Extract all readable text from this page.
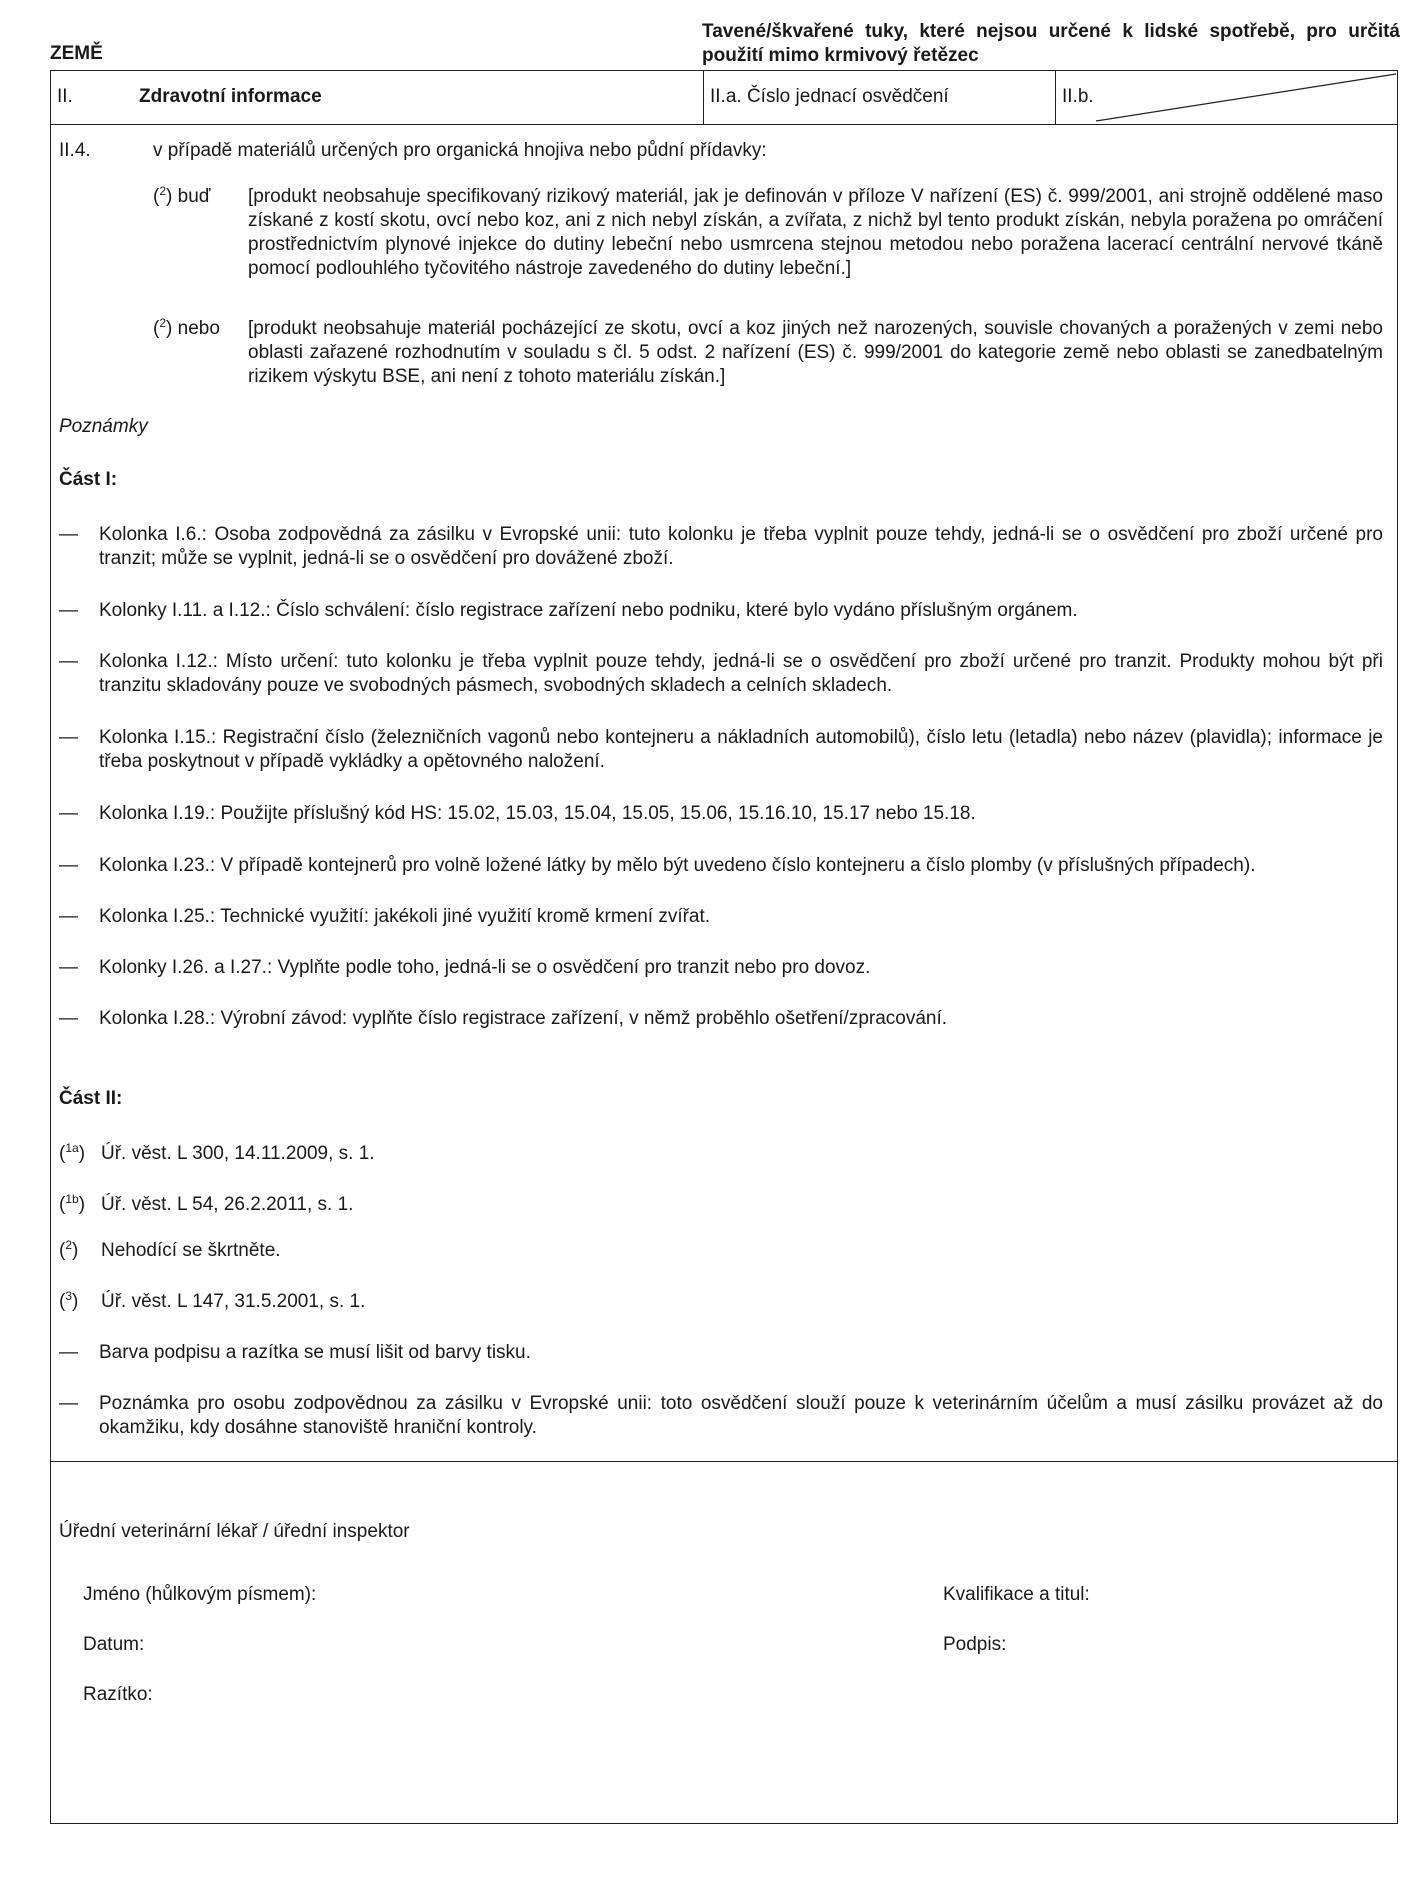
ZEMĚ
Tavené/škvařené tuky, které nejsou určené k lidské spotřebě, pro určitá použití mimo krmivový řetězec
II.	Zdravotní informace	II.a. Číslo jednací osvědčení	II.b.
II.4.	v případě materiálů určených pro organická hnojiva nebo půdní přídavky:
($^2$) buď [produkt neobsahuje specifikovaný rizikový materiál, jak je definován v příloze V nařízení (ES) č. 999/2001, ani strojně oddělené maso získané z kostí skotu, ovcí nebo koz, ani z nich nebyl získán, a zvířata, z nichž byl tento produkt získán, nebyla poražena po omráčení prostřednictvím plynové injekce do dutiny lebeční nebo usmrcena stejnou metodou nebo poražena lacerací centrální nervové tkáně pomocí podlouhlého tyčovitého nástroje zavedeného do dutiny lebeční.]
($^2$) nebo [produkt neobsahuje materiál pocházející ze skotu, ovcí a koz jiných než narozených, souvisle chovaných a poražených v zemi nebo oblasti zařazené rozhodnutím v souladu s čl. 5 odst. 2 nařízení (ES) č. 999/2001 do kategorie země nebo oblasti se zanedbatelným rizikem výskytu BSE, ani není z tohoto materiálu získán.]
Poznámky
Část I:
— Kolonka I.6.: Osoba zodpovědná za zásilku v Evropské unii: tuto kolonku je třeba vyplnit pouze tehdy, jedná-li se o osvědčení pro zboží určené pro tranzit; může se vyplnit, jedná-li se o osvědčení pro dovážené zboží.
— Kolonky I.11. a I.12.: Číslo schválení: číslo registrace zařízení nebo podniku, které bylo vydáno příslušným orgánem.
— Kolonka I.12.: Místo určení: tuto kolonku je třeba vyplnit pouze tehdy, jedná-li se o osvědčení pro zboží určené pro tranzit. Produkty mohou být při tranzitu skladovány pouze ve svobodných pásmech, svobodných skladech a celních skladech.
— Kolonka I.15.: Registrační číslo (železničních vagonů nebo kontejneru a nákladních automobilů), číslo letu (letadla) nebo název (plavidla); informace je třeba poskytnout v případě vykládky a opětovného naložení.
— Kolonka I.19.: Použijte příslušný kód HS: 15.02, 15.03, 15.04, 15.05, 15.06, 15.16.10, 15.17 nebo 15.18.
— Kolonka I.23.: V případě kontejnerů pro volně ložené látky by mělo být uvedeno číslo kontejneru a číslo plomby (v příslušných případech).
— Kolonka I.25.: Technické využití: jakékoli jiné využití kromě krmení zvířat.
— Kolonky I.26. a I.27.: Vyplňte podle toho, jedná-li se o osvědčení pro tranzit nebo pro dovoz.
— Kolonka I.28.: Výrobní závod: vyplňte číslo registrace zařízení, v němž proběhlo ošetření/zpracování.
Část II:
($^{1a}$) Úř. věst. L 300, 14.11.2009, s. 1.
($^{1b}$) Úř. věst. L 54, 26.2.2011, s. 1.
($^2$) Nehodící se škrtněte.
($^3$) Úř. věst. L 147, 31.5.2001, s. 1.
— Barva podpisu a razítka se musí lišit od barvy tisku.
— Poznámka pro osobu zodpovědnou za zásilku v Evropské unii: toto osvědčení slouží pouze k veterinárním účelům a musí zásilku provázet až do okamžiku, kdy dosáhne stanoviště hraniční kontroly.
Úřední veterinární lékař / úřední inspektor
Jméno (hůlkovým písmem):	Kvalifikace a titul:
Datum:	Podpis:
Razítko:
